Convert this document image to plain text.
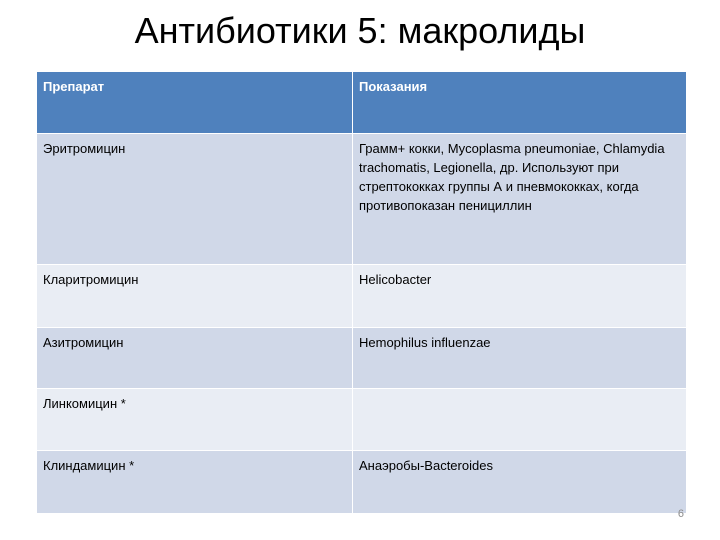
Антибиотики 5: макролиды
Препарат	Показания
Эритромицин	Грамм+ кокки, Mycoplasma pneumoniae, Chlamydia trachomatis, Legionella, др. Используют при стрептококках группы А и пневмококках, когда противопоказан пенициллин
Кларитромицин	Helicobacter
Азитромицин	Hemophilus influenzae
Линкомицин *	
Клиндамицин *	Анаэробы-Bacteroides
6
